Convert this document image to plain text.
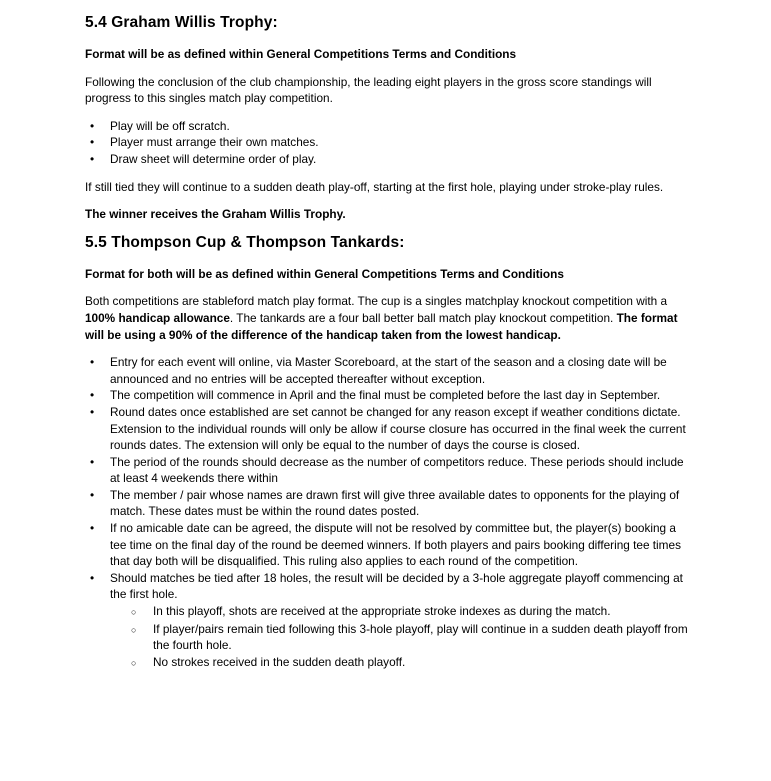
5.4 Graham Willis Trophy:
Format will be as defined within General Competitions Terms and Conditions
Following the conclusion of the club championship, the leading eight players in the gross score standings will progress to this singles match play competition.
•	Play will be off scratch.
•	Player must arrange their own matches.
•	Draw sheet will determine order of play.
If still tied they will continue to a sudden death play-off, starting at the first hole, playing under stroke-play rules.
The winner receives the Graham Willis Trophy.
5.5 Thompson Cup & Thompson Tankards:
Format for both will be as defined within General Competitions Terms and Conditions
Both competitions are stableford match play format. The cup is a singles matchplay knockout competition with a 100% handicap allowance. The tankards are a four ball better ball match play knockout competition. The format will be using a 90% of the difference of the handicap taken from the lowest handicap.
•	Entry for each event will online, via Master Scoreboard, at the start of the season and a closing date will be announced and no entries will be accepted thereafter without exception.
•	The competition will commence in April and the final must be completed before the last day in September.
•	Round dates once established are set cannot be changed for any reason except if weather conditions dictate. Extension to the individual rounds will only be allow if course closure has occurred in the final week the current rounds dates. The extension will only be equal to the number of days the course is closed.
•	The period of the rounds should decrease as the number of competitors reduce. These periods should include at least 4 weekends there within
•	The member / pair whose names are drawn first will give three available dates to opponents for the playing of match. These dates must be within the round dates posted.
•	If no amicable date can be agreed, the dispute will not be resolved by committee but, the player(s) booking a tee time on the final day of the round be deemed winners. If both players and pairs booking differing tee times that day both will be disqualified. This ruling also applies to each round of the competition.
•	Should matches be tied after 18 holes, the result will be decided by a 3-hole aggregate playoff commencing at the first hole.
○	In this playoff, shots are received at the appropriate stroke indexes as during the match.
○	If player/pairs remain tied following this 3-hole playoff, play will continue in a sudden death playoff from the fourth hole.
○	No strokes received in the sudden death playoff.
